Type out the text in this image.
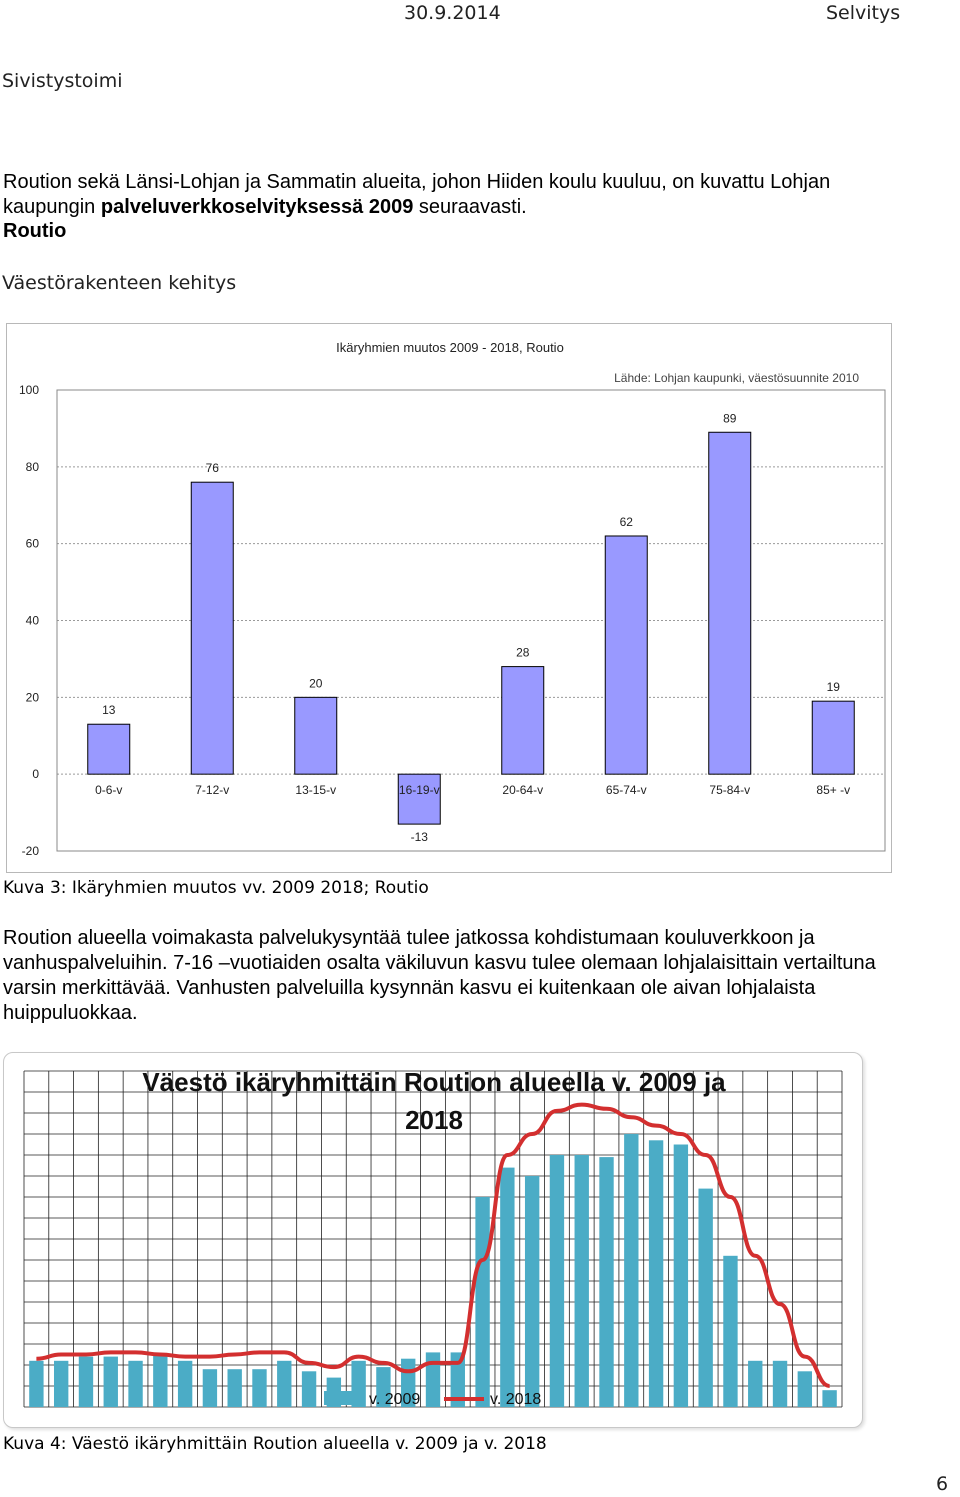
30.9.2014	Selvitys
Sivistystoimi
Roution sekä Länsi-Lohjan ja Sammatin alueita, johon Hiiden koulu kuuluu, on kuvattu Lohjan
kaupungin palveluverkkoselvityksessä 2009 seuraavasti.
Routio
Väestörakenteen kehitys
Ikäryhmien muutos 2009 - 2018, Routio
Lähde: Lohjan kaupunki, väestösuunnite 2010
-20
0
20
40
60
80
100
0-6-v
13
7-12-v
76
13-15-v
20
16-19-v
-13
20-64-v
28
65-74-v
62
75-84-v
89
85+ -v
19
Kuva 3: Ikäryhmien muutos vv. 2009 2018; Routio
Roution alueella voimakasta palvelukysyntää tulee jatkossa kohdistumaan kouluverkkoon ja
vanhuspalveluihin. 7-16 –vuotiaiden osalta väkiluvun kasvu tulee olemaan lohjalaisittain vertailtuna
varsin merkittävää. Vanhusten palveluilla kysynnän kasvu ei kuitenkaan ole aivan lohjalaista
huippuluokkaa.
Väestö ikäryhmittäin Roution alueella v. 2009 ja
2018
v. 2009	v. 2018
Kuva 4: Väestö ikäryhmittäin Roution alueella v. 2009 ja v. 2018
6
